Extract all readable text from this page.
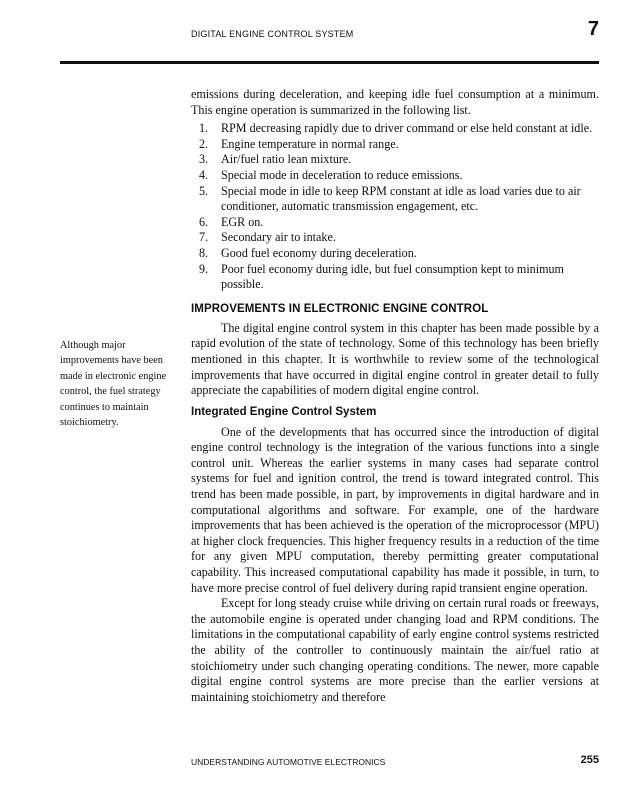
DIGITAL ENGINE CONTROL SYSTEM	7

emissions during deceleration, and keeping idle fuel consumption at a minimum. This engine operation is summarized in the following list.

1.	RPM decreasing rapidly due to driver command or else held constant at idle.
2.	Engine temperature in normal range.
3.	Air/fuel ratio lean mixture.
4.	Special mode in deceleration to reduce emissions.
5.	Special mode in idle to keep RPM constant at idle as load varies due to air conditioner, automatic transmission engagement, etc.
6.	EGR on.
7.	Secondary air to intake.
8.	Good fuel economy during deceleration.
9.	Poor fuel economy during idle, but fuel consumption kept to minimum possible.
IMPROVEMENTS IN ELECTRONIC ENGINE CONTROL

The digital engine control system in this chapter has been made possible by a rapid evolution of the state of technology. Some of this technology has been briefly mentioned in this chapter. It is worthwhile to review some of the technological improvements that have occurred in digital engine control in greater detail to fully appreciate the capabilities of modern digital engine control.

Integrated Engine Control System

One of the developments that has occurred since the introduction of digital engine control technology is the integration of the various functions into a single control unit. Whereas the earlier systems in many cases had separate control systems for fuel and ignition control, the trend is toward integrated control. This trend has been made possible, in part, by improvements in digital hardware and in computational algorithms and software. For example, one of the hardware improvements that has been achieved is the operation of the microprocessor (MPU) at higher clock frequencies. This higher frequency results in a reduction of the time for any given MPU computation, thereby permitting greater computational capability. This increased computational capability has made it possible, in turn, to have more precise control of fuel delivery during rapid transient engine operation.

Except for long steady cruise while driving on certain rural roads or freeways, the automobile engine is operated under changing load and RPM conditions. The limitations in the computational capability of early engine control systems restricted the ability of the controller to continuously maintain the air/fuel ratio at stoichiometry under such changing operating conditions. The newer, more capable digital engine control systems are more precise than the earlier versions at maintaining stoichiometry and therefore

Although major improvements have been made in electronic engine control, the fuel strategy continues to maintain stoichiometry.
UNDERSTANDING AUTOMOTIVE ELECTRONICS	255
